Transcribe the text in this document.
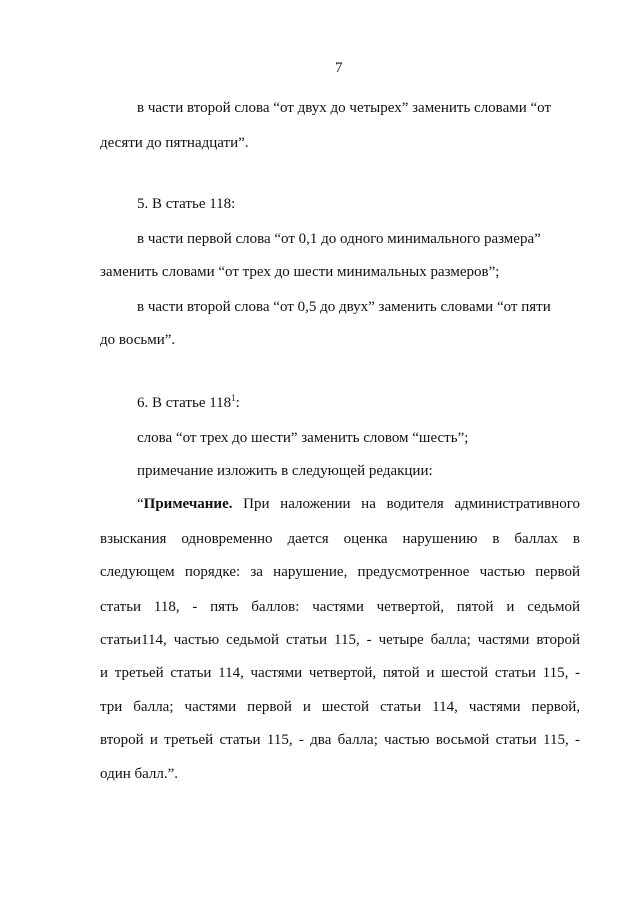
7

в части второй слова “от двух до четырех” заменить словами “от

десяти до пятнадцати”.

5. В статье 118:

в части первой слова “от 0,1 до одного минимального размера”

заменить словами “от трех до шести минимальных размеров”;

в части второй слова “от 0,5 до двух” заменить словами “от пяти

до восьми”.

6. В статье $118^1$:

слова “от трех до шести” заменить словом “шесть”;

примечание изложить в следующей редакции:

“Примечание. При наложении на водителя административного

взыскания одновременно дается оценка нарушению в баллах в

следующем порядке: за нарушение, предусмотренное частью первой

статьи 118, - пять баллов: частями четвертой, пятой и седьмой

статьи114, частью седьмой статьи 115, - четыре балла; частями второй

и третьей статьи 114, частями четвертой, пятой и шестой статьи 115, -

три балла; частями первой и шестой статьи 114, частями первой,

второй и третьей статьи 115, - два балла; частью восьмой статьи 115, -

один балл.”.
